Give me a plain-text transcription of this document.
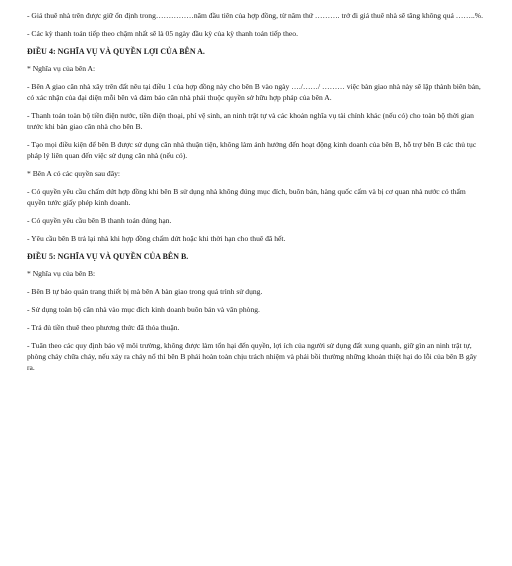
- Giá thuê nhà trên được giữ ổn định trong……………năm đầu tiên của hợp đồng, từ năm thứ ………. trở đi giá thuê nhà sẽ tăng không quá ……..%.

- Các kỳ thanh toán tiếp theo chậm nhất sẽ là 05 ngày đầu kỳ của kỳ thanh toán tiếp theo.

ĐIỀU 4: NGHĨA VỤ VÀ QUYỀN LỢI CỦA BÊN A.

* Nghĩa vụ của bên A:

- Bên A giao căn nhà xây trên đất nêu tại điều 1 của hợp đồng này cho bên B vào ngày …./……/ ……… việc bàn giao nhà này sẽ lập thành biên bản, có xác nhận của đại diện mỗi bên và đảm bảo căn nhà phải thuộc quyền sở hữu hợp pháp của bên A.

- Thanh toán toàn bộ tiền điện nước, tiền điện thoại, phí vệ sinh, an ninh trật tự và các khoản nghĩa vụ tài chính khác (nếu có) cho toàn bộ thời gian trước khi bàn giao căn nhà cho bên B.

- Tạo mọi điều kiện để bên B được sử dụng căn nhà thuận tiện, không làm ảnh hưởng đến hoạt động kinh doanh của bên B, hỗ trợ bên B các thủ tục pháp lý liên quan đến việc sử dụng căn nhà (nếu có).

* Bên A có các quyền sau đây:

- Có quyền yêu cầu chấm dứt hợp đồng khi bên B sử dụng nhà không đúng mục đích, buôn bán, hàng quốc cấm và bị cơ quan nhà nước có thẩm quyền tước giấy phép kinh doanh.

- Có quyền yêu cầu bên B thanh toán đúng hạn.

- Yêu cầu bên B trả lại nhà khi hợp đồng chấm dứt hoặc khi thời hạn cho thuê đã hết.

ĐIỀU 5: NGHĨA VỤ VÀ QUYỀN CỦA BÊN B.

* Nghĩa vụ của bên B:

- Bên B tự bảo quản trang thiết bị mà bên A bàn giao trong quá trình sử dụng.

- Sử dụng toàn bộ căn nhà vào mục đích kinh doanh buôn bán và văn phòng.

- Trả đủ tiền thuê theo phương thức đã thỏa thuận.

- Tuân theo các quy định bảo vệ môi trường, không được làm tổn hại đến quyền, lợi ích của người sử dụng đất xung quanh, giữ gìn an ninh trật tự, phòng cháy chữa cháy, nếu xảy ra cháy nổ thì bên B phải hoàn toàn chịu trách nhiệm và phải bồi thường những khoản thiệt hại do lỗi của bên B gây ra.
